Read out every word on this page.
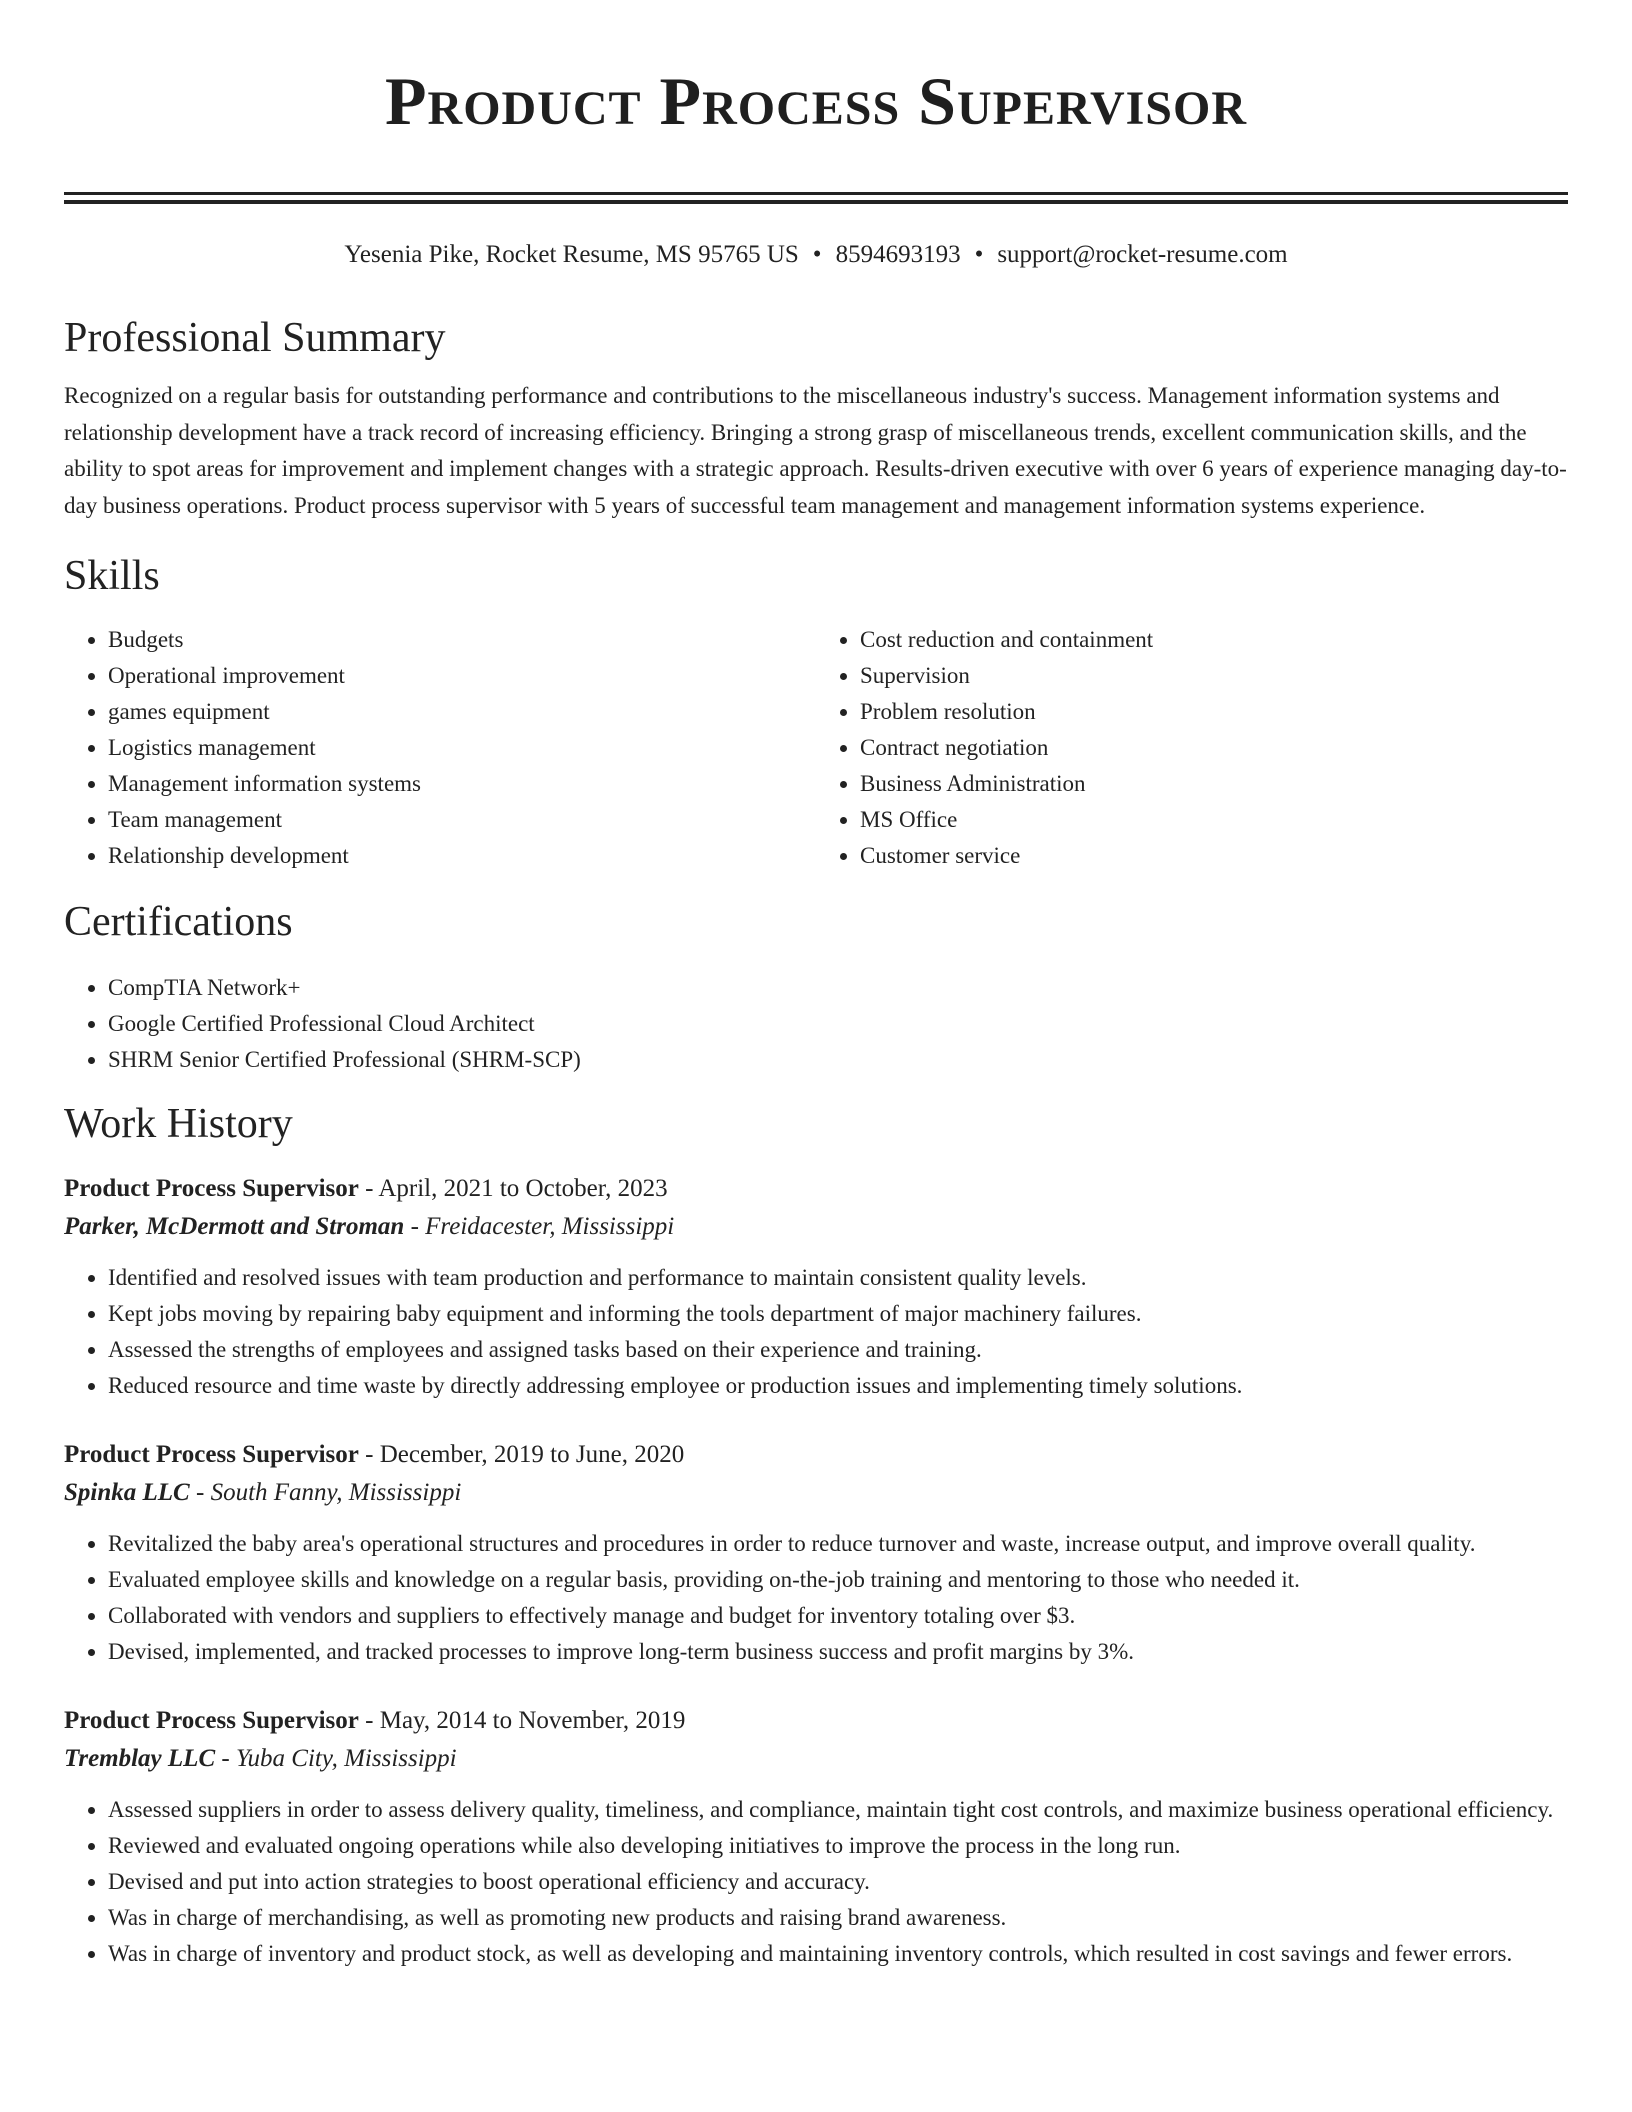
Product Process Supervisor
Yesenia Pike, Rocket Resume, MS 95765 US • 8594693193 • support@rocket-resume.com
Professional Summary

Recognized on a regular basis for outstanding performance and contributions to the miscellaneous industry's success. Management information systems and relationship development have a track record of increasing efficiency. Bringing a strong grasp of miscellaneous trends, excellent communication skills, and the ability to spot areas for improvement and implement changes with a strategic approach. Results-driven executive with over 6 years of experience managing day-to-day business operations. Product process supervisor with 5 years of successful team management and management information systems experience.

Skills
• Budgets
• Operational improvement
• games equipment
• Logistics management
• Management information systems
• Team management
• Relationship development
• Cost reduction and containment
• Supervision
• Problem resolution
• Contract negotiation
• Business Administration
• MS Office
• Customer service
Certifications
• CompTIA Network+
• Google Certified Professional Cloud Architect
• SHRM Senior Certified Professional (SHRM-SCP)
Work History
Product Process Supervisor - April, 2021 to October, 2023
Parker, McDermott and Stroman - Freidacester, Mississippi
• Identified and resolved issues with team production and performance to maintain consistent quality levels.
• Kept jobs moving by repairing baby equipment and informing the tools department of major machinery failures.
• Assessed the strengths of employees and assigned tasks based on their experience and training.
• Reduced resource and time waste by directly addressing employee or production issues and implementing timely solutions.
Product Process Supervisor - December, 2019 to June, 2020
Spinka LLC - South Fanny, Mississippi
• Revitalized the baby area's operational structures and procedures in order to reduce turnover and waste, increase output, and improve overall quality.
• Evaluated employee skills and knowledge on a regular basis, providing on-the-job training and mentoring to those who needed it.
• Collaborated with vendors and suppliers to effectively manage and budget for inventory totaling over $3.
• Devised, implemented, and tracked processes to improve long-term business success and profit margins by 3%.
Product Process Supervisor - May, 2014 to November, 2019
Tremblay LLC - Yuba City, Mississippi
• Assessed suppliers in order to assess delivery quality, timeliness, and compliance, maintain tight cost controls, and maximize business operational efficiency.
• Reviewed and evaluated ongoing operations while also developing initiatives to improve the process in the long run.
• Devised and put into action strategies to boost operational efficiency and accuracy.
• Was in charge of merchandising, as well as promoting new products and raising brand awareness.
• Was in charge of inventory and product stock, as well as developing and maintaining inventory controls, which resulted in cost savings and fewer errors.
